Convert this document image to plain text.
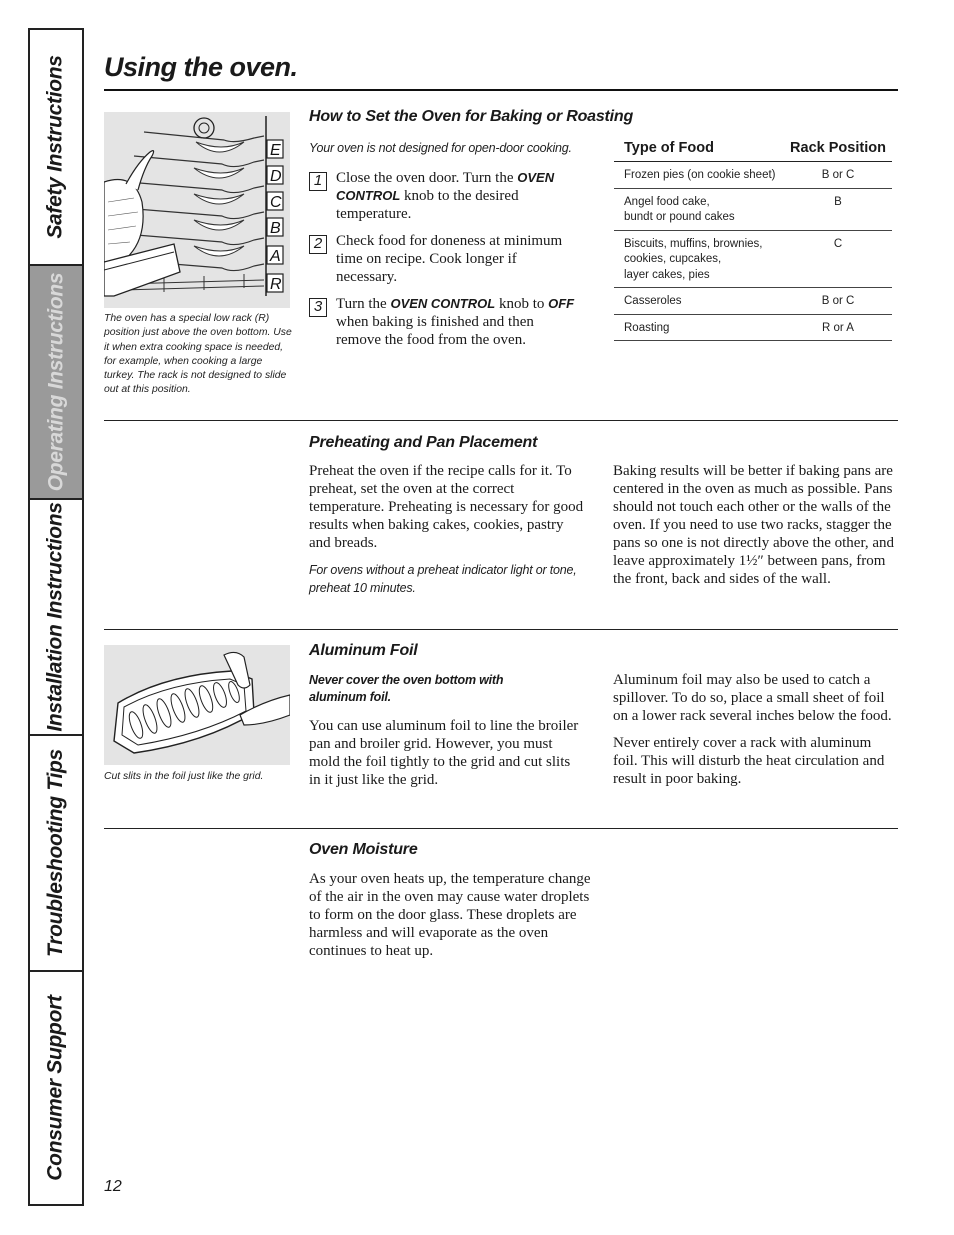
Safety Instructions
Operating Instructions
Installation Instructions
Troubleshooting Tips
Consumer Support
Using the oven.
E
D
C
B
A
R
The oven has a special low rack (R) position just above the oven bottom. Use it when extra cooking space is needed, for example, when cooking a large turkey. The rack is not designed to slide out at this position.
How to Set the Oven for Baking or Roasting
Your oven is not designed for open-door cooking.
1 Close the oven door. Turn the OVEN CONTROL knob to the desired temperature.
2 Check food for doneness at minimum time on recipe. Cook longer if necessary.
3 Turn the OVEN CONTROL knob to OFF when baking is finished and then remove the food from the oven.
Type of Food	Rack Position
Frozen pies (on cookie sheet)	B or C
Angel food cake,
bundt or pound cakes	B
Biscuits, muffins, brownies,
cookies, cupcakes,
layer cakes, pies	C
Casseroles	B or C
Roasting	R or A
Preheating and Pan Placement

Preheat the oven if the recipe calls for it. To preheat, set the oven at the correct temperature. Preheating is necessary for good results when baking cakes, cookies, pastry and breads.

For ovens without a preheat indicator light or tone, preheat 10 minutes.

Baking results will be better if baking pans are centered in the oven as much as possible. Pans should not touch each other or the walls of the oven. If you need to use two racks, stagger the pans so one is not directly above the other, and leave approximately 1½″ between pans, from the front, back and sides of the wall.

Cut slits in the foil just like the grid.
Aluminum Foil
Never cover the oven bottom with aluminum foil.

You can use aluminum foil to line the broiler pan and broiler grid. However, you must mold the foil tightly to the grid and cut slits in it just like the grid.

Aluminum foil may also be used to catch a spillover. To do so, place a small sheet of foil on a lower rack several inches below the food.

Never entirely cover a rack with aluminum foil. This will disturb the heat circulation and result in poor baking.

Oven Moisture

As your oven heats up, the temperature change of the air in the oven may cause water droplets to form on the door glass. These droplets are harmless and will evaporate as the oven continues to heat up.

12
